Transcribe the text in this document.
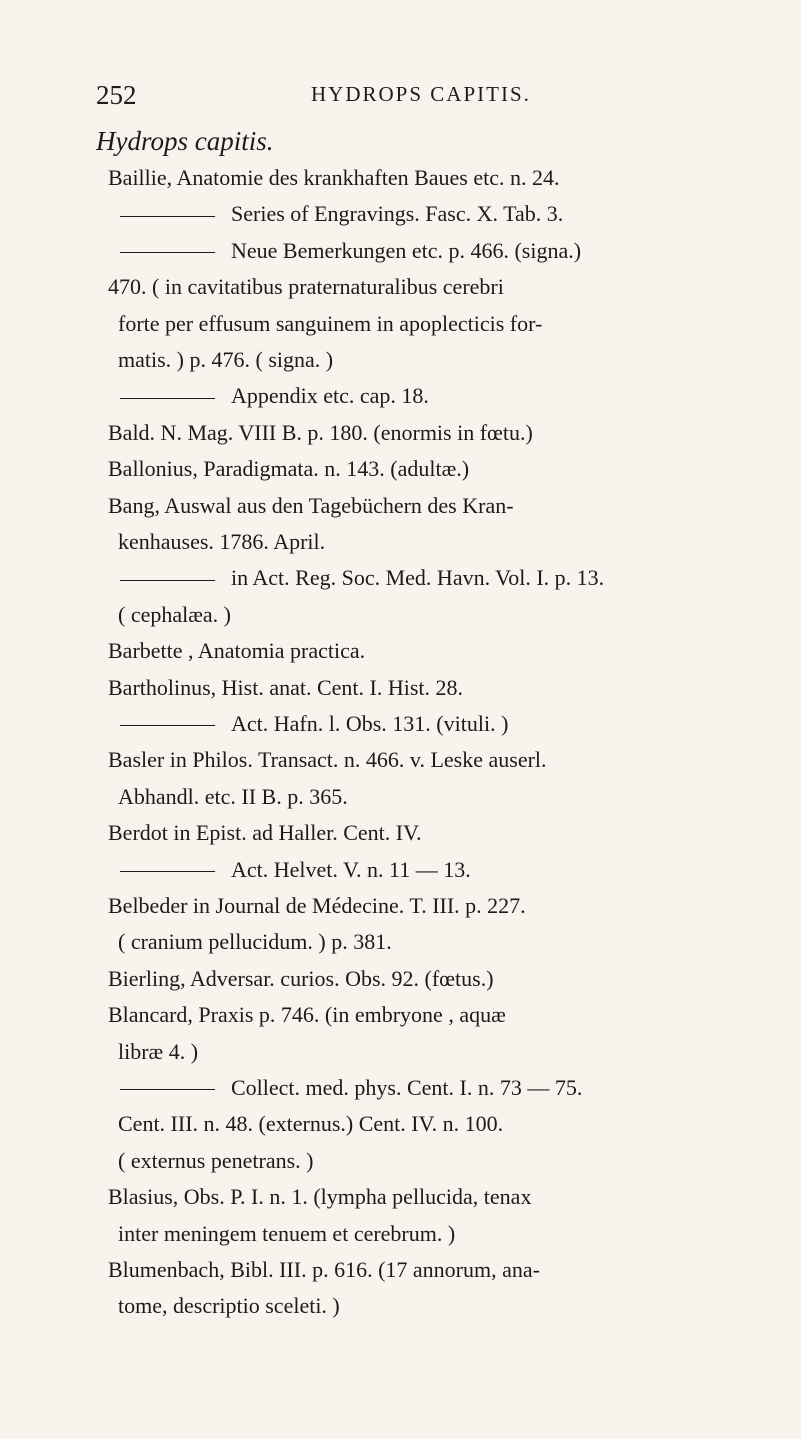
252	HYDROPS CAPITIS.
Hydrops capitis.
Baillie, Anatomie des krankhaften Baues etc. n. 24.
Series of Engravings. Fasc. X. Tab. 3.
Neue Bemerkungen etc. p. 466. (signa.)
470. ( in cavitatibus praternaturalibus cerebri
forte per effusum sanguinem in apoplecticis for-
matis. ) p. 476. ( signa. )
Appendix etc. cap. 18.
Bald. N. Mag. VIII B. p. 180. (enormis in fœtu.)
Ballonius, Paradigmata. n. 143. (adultæ.)
Bang, Auswal aus den Tagebüchern des Kran-
kenhauses. 1786. April.
in Act. Reg. Soc. Med. Havn. Vol. I. p. 13.
( cephalæa. )
Barbette , Anatomia practica.
Bartholinus, Hist. anat. Cent. I. Hist. 28.
Act. Hafn. l. Obs. 131. (vituli. )
Basler in Philos. Transact. n. 466. v. Leske auserl.
Abhandl. etc. II B. p. 365.
Berdot in Epist. ad Haller. Cent. IV.
Act. Helvet. V. n. 11 — 13.
Belbeder in Journal de Médecine. T. III. p. 227.
( cranium pellucidum. ) p. 381.
Bierling, Adversar. curios. Obs. 92. (fœtus.)
Blancard, Praxis p. 746. (in embryone , aquæ
libræ 4. )
Collect. med. phys. Cent. I. n. 73 — 75.
Cent. III. n. 48. (externus.) Cent. IV. n. 100.
( externus penetrans. )
Blasius, Obs. P. I. n. 1. (lympha pellucida, tenax
inter meningem tenuem et cerebrum. )
Blumenbach, Bibl. III. p. 616. (17 annorum, ana-
tome, descriptio sceleti. )
